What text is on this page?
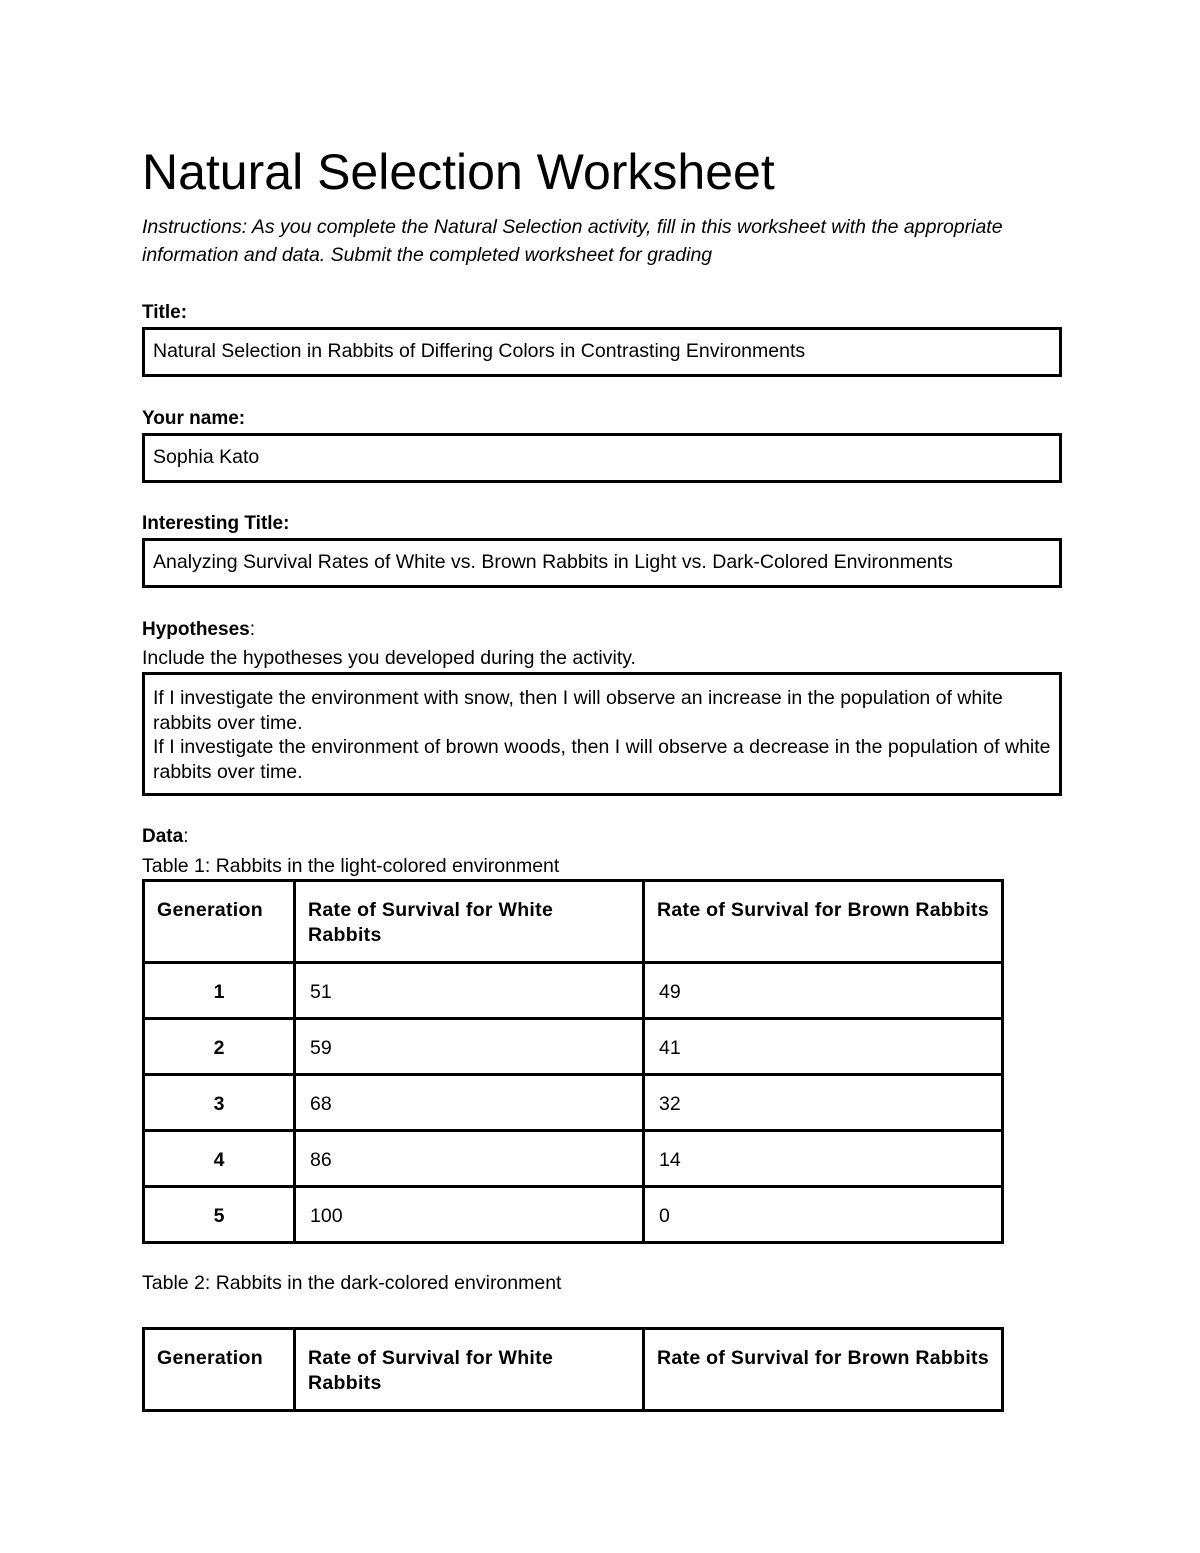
Natural Selection Worksheet

Instructions: As you complete the Natural Selection activity, fill in this worksheet with the appropriate information and data. Submit the completed worksheet for grading

Title:

Natural Selection in Rabbits of Differing Colors in Contrasting Environments

Your name:

Sophia Kato

Interesting Title:

Analyzing Survival Rates of White vs. Brown Rabbits in Light vs. Dark-Colored Environments

Hypotheses:

Include the hypotheses you developed during the activity.

If I investigate the environment with snow, then I will observe an increase in the population of white rabbits over time.
If I investigate the environment of brown woods, then I will observe a decrease in the population of white rabbits over time.

Data:

Table 1: Rabbits in the light-colored environment

Generation	Rate of Survival for White Rabbits	Rate of Survival for Brown Rabbits
1	51	49
2	59	41
3	68	32
4	86	14
5	100	0

Table 2: Rabbits in the dark-colored environment

Generation	Rate of Survival for White Rabbits	Rate of Survival for Brown Rabbits
